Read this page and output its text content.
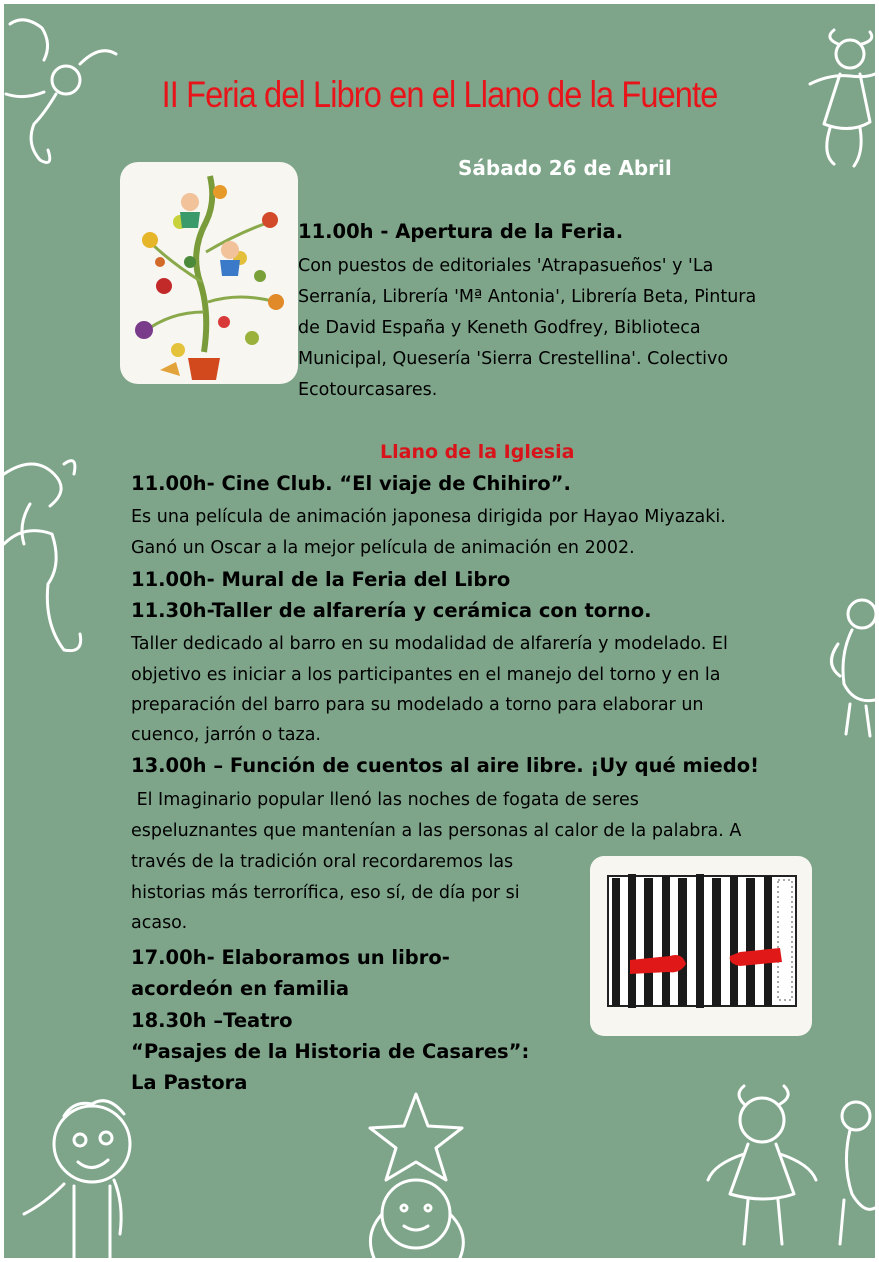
II Feria del Libro en el Llano de la Fuente
Sábado 26 de Abril
11.00h - Apertura de la Feria.
Con puestos de editoriales 'Atrapasueños' y 'La
Serranía, Librería 'Mª Antonia', Librería Beta, Pintura
de David España y Keneth Godfrey, Biblioteca
Municipal, Quesería 'Sierra Crestellina'. Colectivo
Ecotourcasares.
Llano de la Iglesia
11.00h- Cine Club. “El viaje de Chihiro”.
Es una película de animación japonesa dirigida por Hayao Miyazaki.
Ganó un Oscar a la mejor película de animación en 2002.
11.00h- Mural de la Feria del Libro
11.30h-Taller de alfarería y cerámica con torno.
Taller dedicado al barro en su modalidad de alfarería y modelado. El
objetivo es iniciar a los participantes en el manejo del torno y en la
preparación del barro para su modelado a torno para elaborar un
cuenco, jarrón o taza.
13.00h – Función de cuentos al aire libre. ¡Uy qué miedo!
El Imaginario popular llenó las noches de fogata de seres
espeluznantes que mantenían a las personas al calor de la palabra. A
través de la tradición oral recordaremos las
historias más terrorífica, eso sí, de día por si
acaso.
17.00h- Elaboramos un libro-
acordeón en familia
18.30h –Teatro
“Pasajes de la Historia de Casares”:
La Pastora
